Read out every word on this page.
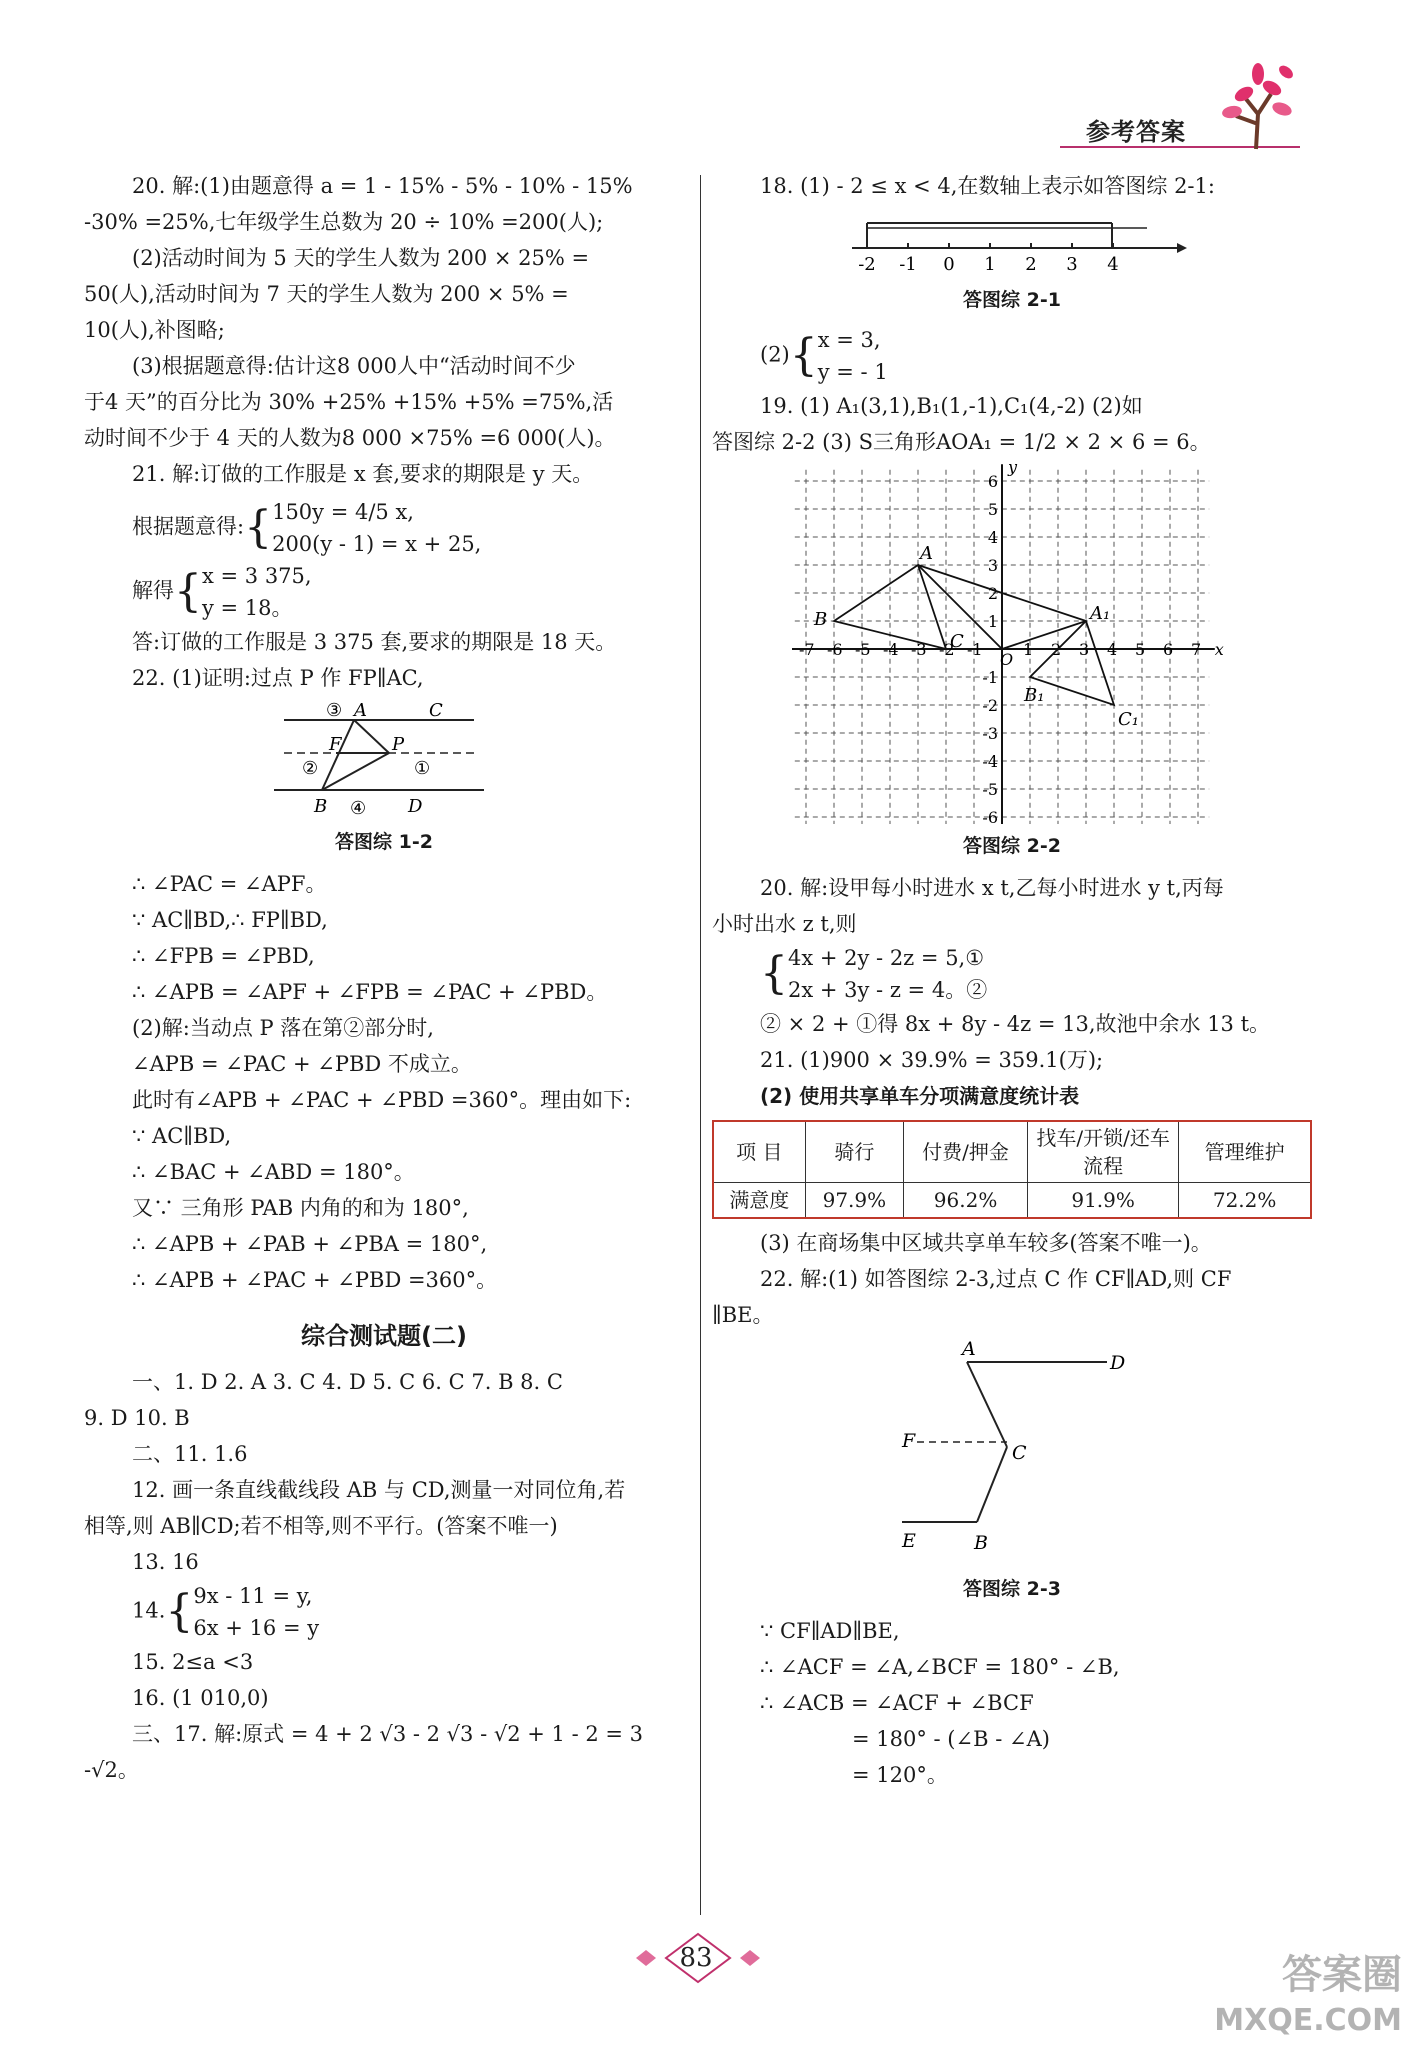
参考答案

20. 解:(1)由题意得 a = 1 - 15% - 5% - 10% - 15%

-30% =25%,七年级学生总数为 20 ÷ 10% =200(人);

(2)活动时间为 5 天的学生人数为 200 × 25% =

50(人),活动时间为 7 天的学生人数为 200 × 5% =

10(人),补图略;

(3)根据题意得:估计这8 000人中“活动时间不少

于4 天”的百分比为 30% +25% +15% +5% =75%,活

动时间不少于 4 天的人数为8 000 ×75% =6 000(人)。

21. 解:订做的工作服是 x 套,要求的期限是 y 天。

根据题意得:{ 150y = 4/5 x,
200(y - 1) = x + 25,
解得{ x = 3 375,
y = 18。

答:订做的工作服是 3 375 套,要求的期限是 18 天。

22. (1)证明:过点 P 作 FP∥AC,

③ A	C
F	P
②	①
B ④ D

答图综 1-2

∴ ∠PAC = ∠APF。

∵ AC∥BD,∴ FP∥BD,

∴ ∠FPB = ∠PBD,

∴ ∠APB = ∠APF + ∠FPB = ∠PAC + ∠PBD。

(2)解:当动点 P 落在第②部分时,

∠APB = ∠PAC + ∠PBD 不成立。

此时有∠APB + ∠PAC + ∠PBD =360°。理由如下:

∵ AC∥BD,

∴ ∠BAC + ∠ABD = 180°。

又∵ 三角形 PAB 内角的和为 180°,

∴ ∠APB + ∠PAB + ∠PBA = 180°,

∴ ∠APB + ∠PAC + ∠PBD =360°。

综合测试题(二)

一、1. D 2. A 3. C 4. D 5. C 6. C 7. B 8. C

9. D 10. B

二、11. 1.6

12. 画一条直线截线段 AB 与 CD,测量一对同位角,若

相等,则 AB∥CD;若不相等,则不平行。(答案不唯一)

13. 16

14.{ 9x - 11 = y,
6x + 16 = y

15. 2≤a <3

16. (1 010,0)

三、17. 解:原式 = 4 + 2 √3 - 2 √3 - √2 + 1 - 2 = 3

-√2。

18. (1) - 2 ≤ x < 4,在数轴上表示如答图综 2-1:

-2 -1 0 1 2 3 4

答图综 2-1

(2){ x = 3,
y = - 1

19. (1) A₁(3,1),B₁(1,-1),C₁(4,-2) (2)如

答图综 2-2 (3) S三角形AOA₁ = 1/2 × 2 × 6 = 6。

x
y
-7 -6 -5 -4 -3 -2 -1	1 2 3 4 5 6 7
6
5
4
3
2
1
-1
-2
-3
-4
-5
-6
O
A
B
C
A₁
B₁
C₁

答图综 2-2

20. 解:设甲每小时进水 x t,乙每小时进水 y t,丙每

小时出水 z t,则

{ 4x + 2y - 2z = 5,①
2x + 3y - z = 4。②

② × 2 + ①得 8x + 8y - 4z = 13,故池中余水 13 t。

21. (1)900 × 39.9% = 359.1(万);

(2) 使用共享单车分项满意度统计表

项 目	骑行	付费/押金	找车/开锁/还车流程	管理维护
满意度	97.9%	96.2%	91.9%	72.2%

(3) 在商场集中区域共享单车较多(答案不唯一)。

22. 解:(1) 如答图综 2-3,过点 C 作 CF∥AD,则 CF

∥BE。

A
D
F
C
E	B

答图综 2-3

∵ CF∥AD∥BE,

∴ ∠ACF = ∠A,∠BCF = 180° - ∠B,

∴ ∠ACB = ∠ACF + ∠BCF

= 180° - (∠B - ∠A)

= 120°。

83	答案圈
MXQE.COM
